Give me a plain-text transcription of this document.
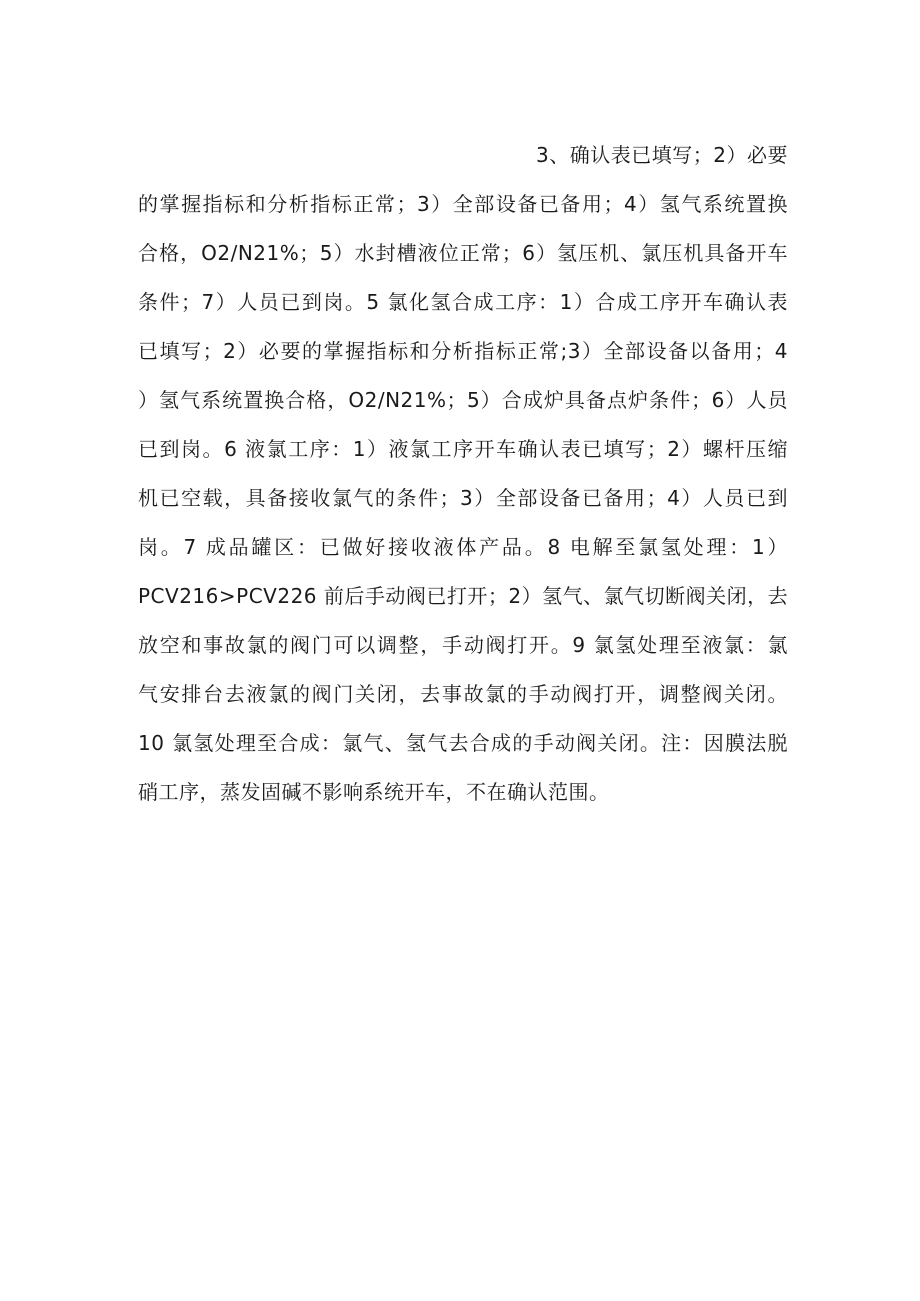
3、确认表已填写；2）必要
的掌握指标和分析指标正常；3）全部设备已备用；4）氢气系统置换
合格，O2/N21%；5）水封槽液位正常；6）氢压机、氯压机具备开车
条件；7）人员已到岗。5 氯化氢合成工序：1）合成工序开车确认表
已填写；2）必要的掌握指标和分析指标正常;3）全部设备以备用；4
）氢气系统置换合格，O2/N21%；5）合成炉具备点炉条件；6）人员
已到岗。6 液氯工序：1）液氯工序开车确认表已填写；2）螺杆压缩
机已空载，具备接收氯气的条件；3）全部设备已备用；4）人员已到
岗。7 成品罐区：已做好接收液体产品。8 电解至氯氢处理：1）
PCV216>PCV226 前后手动阀已打开；2）氢气、氯气切断阀关闭，去
放空和事故氯的阀门可以调整，手动阀打开。9 氯氢处理至液氯：氯
气安排台去液氯的阀门关闭，去事故氯的手动阀打开，调整阀关闭。
10 氯氢处理至合成：氯气、氢气去合成的手动阀关闭。注：因膜法脱
硝工序，蒸发固碱不影响系统开车，不在确认范围。
